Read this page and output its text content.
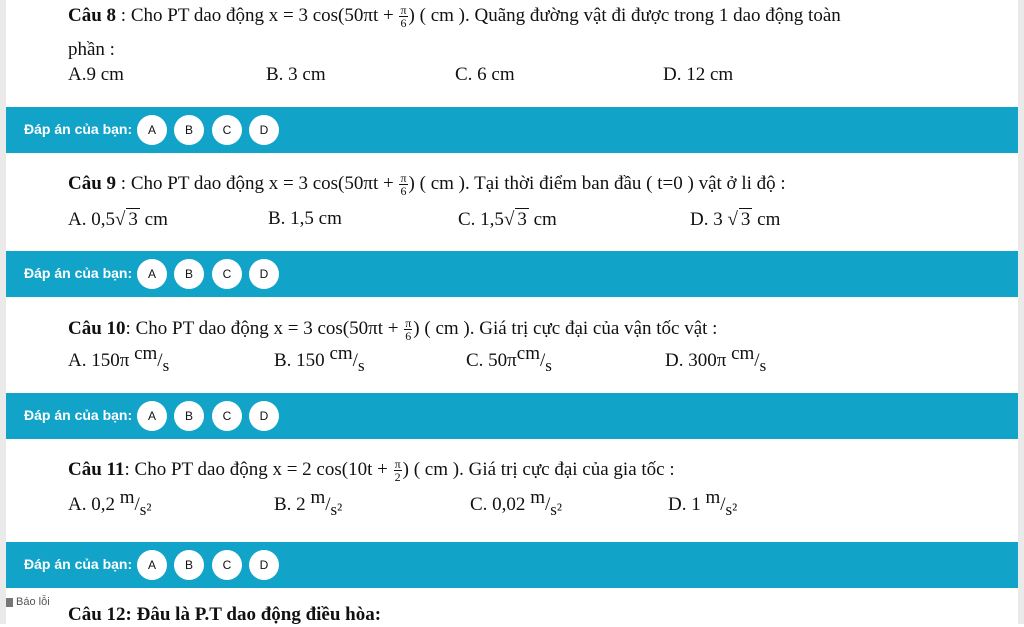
Câu 8 : Cho PT dao động x = 3 $\cos(50\pi t + \frac{\pi}{6}$ ) ( cm ). Quãng đường vật đi được trong 1 dao động toàn
phần :
A.9 cm	B. 3 cm	C. 6 cm	D. 12 cm
Đáp án của bạn:	A	B	C	D
Câu 9 : Cho PT dao động x = 3 $\cos(50\pi t + \frac{\pi}{6}$ ) ( cm ). Tại thời điểm ban đầu ( t=0 ) vật ở li độ :
A. 0,5√ 3 cm	B. 1,5 cm	C. 1,5√ 3 cm	D. 3 √ 3 cm
Đáp án của bạn:	A	B	C	D
Câu 10: Cho PT dao động x = 3 $\cos(50\pi t + \frac{\pi}{6}$ ) ( cm ). Giá trị cực đại của vận tốc vật :
A. 150π cm/s	B. 150 cm/s	C. 50πcm/s	D. 300π cm/s
Đáp án của bạn:	A	B	C	D
Câu 11: Cho PT dao động x = 2 $\cos(10t + \frac{\pi}{2}$ ) ( cm ). Giá trị cực đại của gia tốc :
A. 0,2 m/s²	B. 2 m/s²	C. 0,02 m/s²	D. 1 m/s²
Đáp án của bạn:	A	B	C	D
Báo lỗi
Câu 12: Đâu là P.T dao động điều hòa:
